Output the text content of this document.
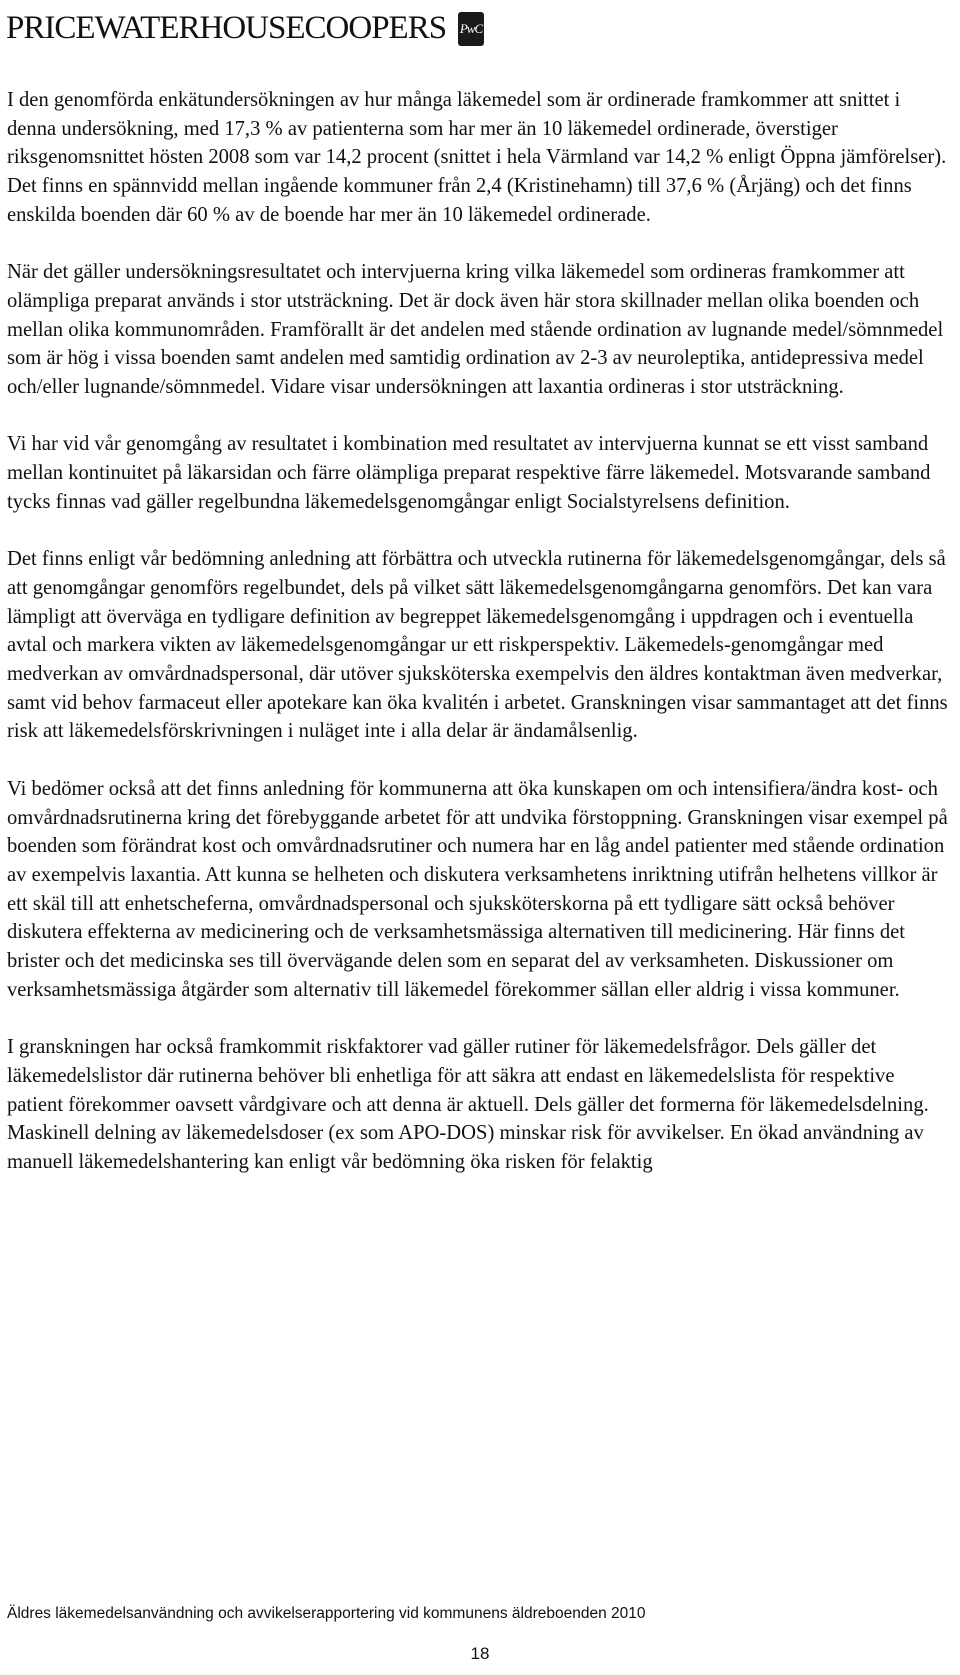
PRICEWATERHOUSECOOPERS PwC

I den genomförda enkätundersökningen av hur många läkemedel som är ordinerade framkommer att snittet i denna undersökning, med 17,3 % av patienterna som har mer än 10 läkemedel ordinerade, överstiger riksgenomsnittet hösten 2008 som var 14,2 procent (snittet i hela Värmland var 14,2 % enligt Öppna jämförelser). Det finns en spännvidd mellan ingående kommuner från 2,4 (Kristinehamn) till 37,6 % (Årjäng) och det finns enskilda boenden där 60 % av de boende har mer än 10 läkemedel ordinerade.

När det gäller undersökningsresultatet och intervjuerna kring vilka läkemedel som ordineras framkommer att olämpliga preparat används i stor utsträckning. Det är dock även här stora skillnader mellan olika boenden och mellan olika kommunområden. Framförallt är det andelen med stående ordination av lugnande medel/sömnmedel som är hög i vissa boenden samt andelen med samtidig ordination av 2-3 av neuroleptika, antidepressiva medel och/eller lugnande/sömnmedel. Vidare visar undersökningen att laxantia ordineras i stor utsträckning.

Vi har vid vår genomgång av resultatet i kombination med resultatet av intervjuerna kunnat se ett visst samband mellan kontinuitet på läkarsidan och färre olämpliga preparat respektive färre läkemedel. Motsvarande samband tycks finnas vad gäller regelbundna läkemedelsgenomgångar enligt Socialstyrelsens definition.

Det finns enligt vår bedömning anledning att förbättra och utveckla rutinerna för läkemedelsgenomgångar, dels så att genomgångar genomförs regelbundet, dels på vilket sätt läkemedelsgenomgångarna genomförs. Det kan vara lämpligt att överväga en tydligare definition av begreppet läkemedelsgenomgång i uppdragen och i eventuella avtal och markera vikten av läkemedelsgenomgångar ur ett riskperspektiv. Läkemedels-genomgångar med medverkan av omvårdnadspersonal, där utöver sjuksköterska exempelvis den äldres kontaktman även medverkar, samt vid behov farmaceut eller apotekare kan öka kvalitén i arbetet. Granskningen visar sammantaget att det finns risk att läkemedelsförskrivningen i nuläget inte i alla delar är ändamålsenlig.

Vi bedömer också att det finns anledning för kommunerna att öka kunskapen om och intensifiera/ändra kost- och omvårdnadsrutinerna kring det förebyggande arbetet för att undvika förstoppning. Granskningen visar exempel på boenden som förändrat kost och omvårdnadsrutiner och numera har en låg andel patienter med stående ordination av exempelvis laxantia. Att kunna se helheten och diskutera verksamhetens inriktning utifrån helhetens villkor är ett skäl till att enhetscheferna, omvårdnadspersonal och sjuksköterskorna på ett tydligare sätt också behöver diskutera effekterna av medicinering och de verksamhetsmässiga alternativen till medicinering. Här finns det brister och det medicinska ses till övervägande delen som en separat del av verksamheten. Diskussioner om verksamhetsmässiga åtgärder som alternativ till läkemedel förekommer sällan eller aldrig i vissa kommuner.

I granskningen har också framkommit riskfaktorer vad gäller rutiner för läkemedelsfrågor. Dels gäller det läkemedelslistor där rutinerna behöver bli enhetliga för att säkra att endast en läkemedelslista för respektive patient förekommer oavsett vårdgivare och att denna är aktuell. Dels gäller det formerna för läkemedelsdelning. Maskinell delning av läkemedelsdoser (ex som APO-DOS) minskar risk för avvikelser. En ökad användning av manuell läkemedelshantering kan enligt vår bedömning öka risken för felaktig

Äldres läkemedelsanvändning och avvikelserapportering vid kommunens äldreboenden 2010
18
